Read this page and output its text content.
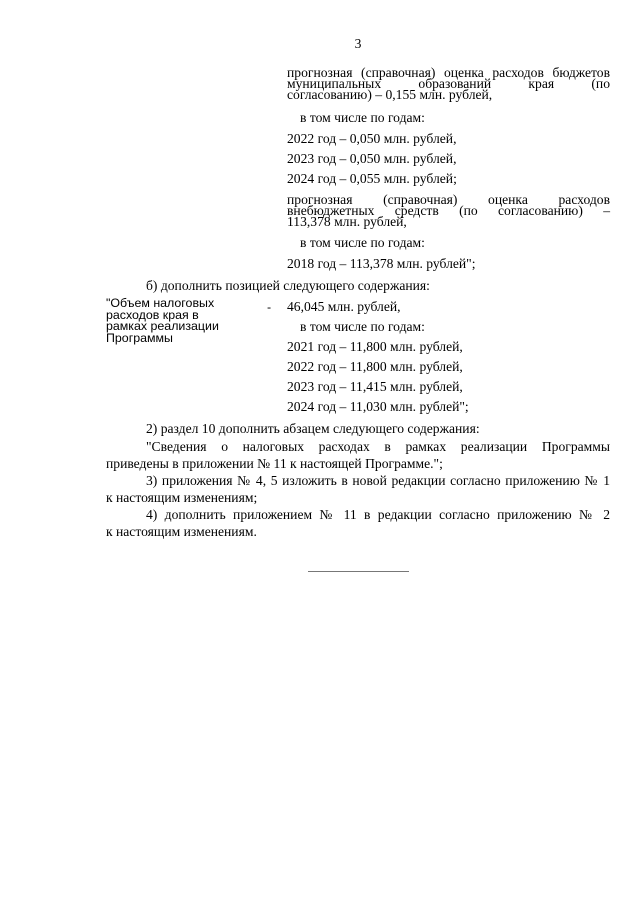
3
прогнозная (справочная) оценка расходов бюджетов
муниципальных образований края (по
согласованию) – 0,155 млн. рублей,
в том числе по годам:
2022 год – 0,050 млн. рублей,
2023 год – 0,050 млн. рублей,
2024 год – 0,055 млн. рублей;
прогнозная (справочная) оценка расходов
внебюджетных средств (по согласованию) –
113,378 млн. рублей,
в том числе по годам:
2018 год – 113,378 млн. рублей";
б) дополнить позицией следующего содержания:
"Объем налоговых
расходов края в
рамках реализации
Программы
- 46,045 млн. рублей,
в том числе по годам:
2021 год – 11,800 млн. рублей,
2022 год – 11,800 млн. рублей,
2023 год – 11,415 млн. рублей,
2024 год – 11,030 млн. рублей";
2) раздел 10 дополнить абзацем следующего содержания:
"Сведения о налоговых расходах в рамках реализации Программы
приведены в приложении № 11 к настоящей Программе.";
3) приложения № 4, 5 изложить в новой редакции согласно приложению № 1
к настоящим изменениям;
4) дополнить приложением № 11 в редакции согласно приложению № 2
к настоящим изменениям.
